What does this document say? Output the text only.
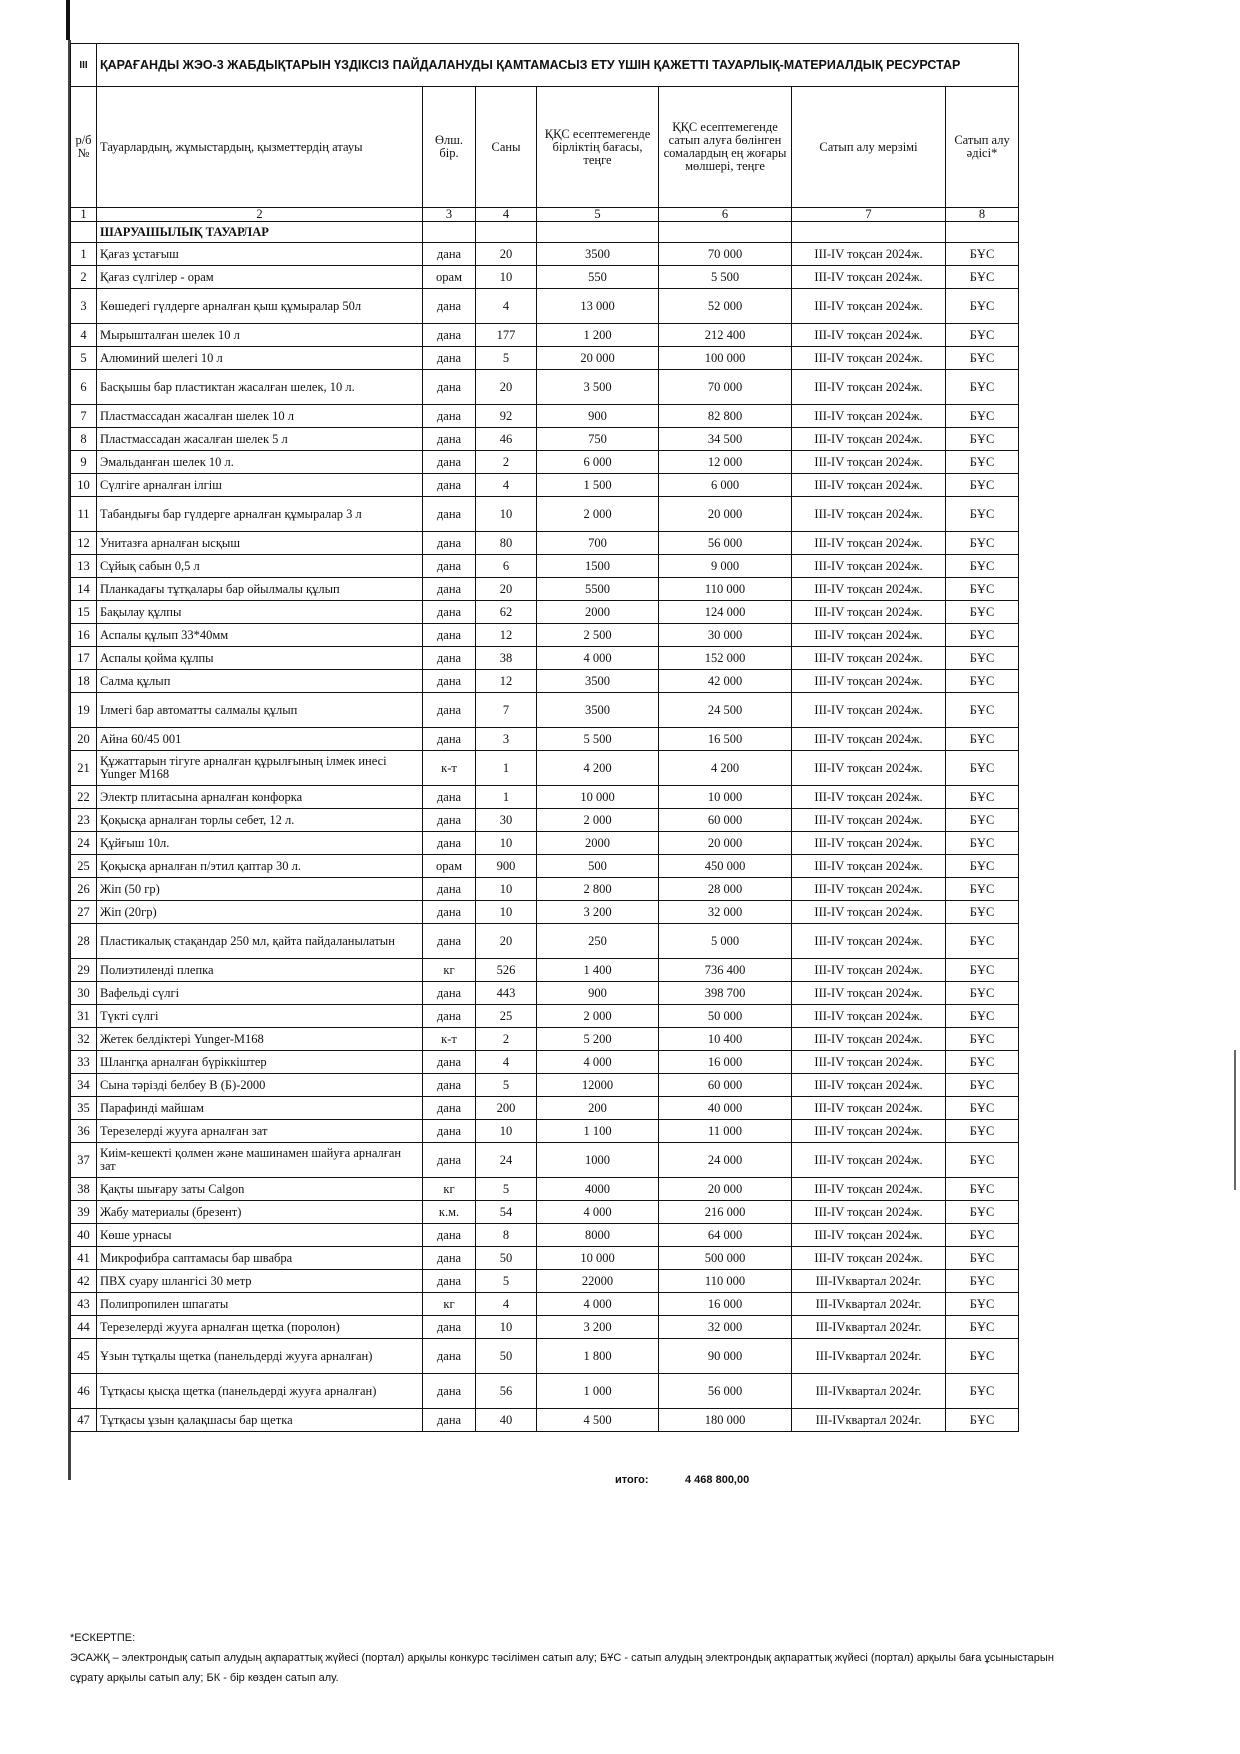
III	ҚАРАҒАНДЫ ЖЭО-3 ЖАБДЫҚТАРЫН ҮЗДІКСІЗ ПАЙДАЛАНУДЫ ҚАМТАМАСЫЗ ЕТУ ҮШІН ҚАЖЕТТІ ТАУАРЛЫҚ-МАТЕРИАЛДЫҚ РЕСУРСТАР						
р/б №	Тауарлардың, жұмыстардың, қызметтердің атауы	Өлш. бір.	Саны	ҚҚС есептемегенде бірліктің бағасы, теңге	ҚҚС есептемегенде сатып алуға бөлінген сомалардың ең жоғары мөлшері, теңге	Сатып алу мерзімі	Сатып алу әдісі*
1	2	3	4	5	6	7	8
	ШАРУАШЫЛЫҚ ТАУАРЛАР						
1	Қағаз ұстағыш	дана	20	3500	70 000	III-IV тоқсан 2024ж.	БҰС
2	Қағаз сүлгілер - орам	орам	10	550	5 500	III-IV тоқсан 2024ж.	БҰС
3	Көшедегі гүлдерге арналған қыш құмыралар 50л	дана	4	13 000	52 000	III-IV тоқсан 2024ж.	БҰС
4	Мырышталған шелек 10 л	дана	177	1 200	212 400	III-IV тоқсан 2024ж.	БҰС
5	Алюминий шелегі 10 л	дана	5	20 000	100 000	III-IV тоқсан 2024ж.	БҰС
6	Басқышы бар пластиктан жасалған шелек, 10 л.	дана	20	3 500	70 000	III-IV тоқсан 2024ж.	БҰС
7	Пластмассадан жасалған шелек 10 л	дана	92	900	82 800	III-IV тоқсан 2024ж.	БҰС
8	Пластмассадан жасалған шелек 5 л	дана	46	750	34 500	III-IV тоқсан 2024ж.	БҰС
9	Эмальданған шелек 10 л.	дана	2	6 000	12 000	III-IV тоқсан 2024ж.	БҰС
10	Сүлгіге арналған ілгіш	дана	4	1 500	6 000	III-IV тоқсан 2024ж.	БҰС
11	Табандығы бар гүлдерге арналған құмыралар 3 л	дана	10	2 000	20 000	III-IV тоқсан 2024ж.	БҰС
12	Унитазға арналған ысқыш	дана	80	700	56 000	III-IV тоқсан 2024ж.	БҰС
13	Сұйық сабын 0,5 л	дана	6	1500	9 000	III-IV тоқсан 2024ж.	БҰС
14	Планкадағы тұтқалары бар ойылмалы құлып	дана	20	5500	110 000	III-IV тоқсан 2024ж.	БҰС
15	Бақылау құлпы	дана	62	2000	124 000	III-IV тоқсан 2024ж.	БҰС
16	Аспалы құлып 33*40мм	дана	12	2 500	30 000	III-IV тоқсан 2024ж.	БҰС
17	Аспалы қойма құлпы	дана	38	4 000	152 000	III-IV тоқсан 2024ж.	БҰС
18	Салма құлып	дана	12	3500	42 000	III-IV тоқсан 2024ж.	БҰС
19	Ілмегі бар автоматты салмалы құлып	дана	7	3500	24 500	III-IV тоқсан 2024ж.	БҰС
20	Айна 60/45 001	дана	3	5 500	16 500	III-IV тоқсан 2024ж.	БҰС
21	Құжаттарын тігуге арналған құрылғының ілмек инесі Yunger M168	к-т	1	4 200	4 200	III-IV тоқсан 2024ж.	БҰС
22	Электр плитасына арналған конфорка	дана	1	10 000	10 000	III-IV тоқсан 2024ж.	БҰС
23	Қоқысқа арналған торлы себет, 12 л.	дана	30	2 000	60 000	III-IV тоқсан 2024ж.	БҰС
24	Құйғыш 10л.	дана	10	2000	20 000	III-IV тоқсан 2024ж.	БҰС
25	Қоқысқа арналған п/этил қаптар 30 л.	орам	900	500	450 000	III-IV тоқсан 2024ж.	БҰС
26	Жіп (50 гр)	дана	10	2 800	28 000	III-IV тоқсан 2024ж.	БҰС
27	Жіп (20гр)	дана	10	3 200	32 000	III-IV тоқсан 2024ж.	БҰС
28	Пластикалық стақандар 250 мл, қайта пайдаланылатын	дана	20	250	5 000	III-IV тоқсан 2024ж.	БҰС
29	Полиэтиленді плепка	кг	526	1 400	736 400	III-IV тоқсан 2024ж.	БҰС
30	Вафельді сүлгі	дана	443	900	398 700	III-IV тоқсан 2024ж.	БҰС
31	Түкті сүлгі	дана	25	2 000	50 000	III-IV тоқсан 2024ж.	БҰС
32	Жетек белдіктері Yunger-M168	к-т	2	5 200	10 400	III-IV тоқсан 2024ж.	БҰС
33	Шлангқа арналған бүріккіштер	дана	4	4 000	16 000	III-IV тоқсан 2024ж.	БҰС
34	Сына тәрізді белбеу В (Б)-2000	дана	5	12000	60 000	III-IV тоқсан 2024ж.	БҰС
35	Парафинді майшам	дана	200	200	40 000	III-IV тоқсан 2024ж.	БҰС
36	Терезелерді жууға арналған зат	дана	10	1 100	11 000	III-IV тоқсан 2024ж.	БҰС
37	Киім-кешекті қолмен және машинамен шайуға арналған зат	дана	24	1000	24 000	III-IV тоқсан 2024ж.	БҰС
38	Қақты шығару заты Calgon	кг	5	4000	20 000	III-IV тоқсан 2024ж.	БҰС
39	Жабу материалы (брезент)	к.м.	54	4 000	216 000	III-IV тоқсан 2024ж.	БҰС
40	Көше урнасы	дана	8	8000	64 000	III-IV тоқсан 2024ж.	БҰС
41	Микрофибра саптамасы бар швабра	дана	50	10 000	500 000	III-IV тоқсан 2024ж.	БҰС
42	ПВХ суару шлангісі 30 метр	дана	5	22000	110 000	III-IVквартал 2024г.	БҰС
43	Полипропилен шпагаты	кг	4	4 000	16 000	III-IVквартал 2024г.	БҰС
44	Терезелерді жууға арналған щетка (поролон)	дана	10	3 200	32 000	III-IVквартал 2024г.	БҰС
45	Ұзын тұтқалы щетка (панельдерді жууға арналған)	дана	50	1 800	90 000	III-IVквартал 2024г.	БҰС
46	Тұтқасы қысқа щетка (панельдерді жууға арналған)	дана	56	1 000	56 000	III-IVквартал 2024г.	БҰС
47	Тұтқасы ұзын қалақшасы бар щетка	дана	40	4 500	180 000	III-IVквартал 2024г.	БҰС
итого:	4 468 800,00
*ЕСКЕРТПЕ:
ЭСАЖҚ – электрондық сатып алудың ақпараттық жүйесі (портал) арқылы конкурс тәсілімен сатып алу; БҰС - сатып алудың электрондық ақпараттық жүйесі (портал) арқылы баға ұсыныстарын
сұрату арқылы сатып алу; БК - бір көзден сатып алу.
